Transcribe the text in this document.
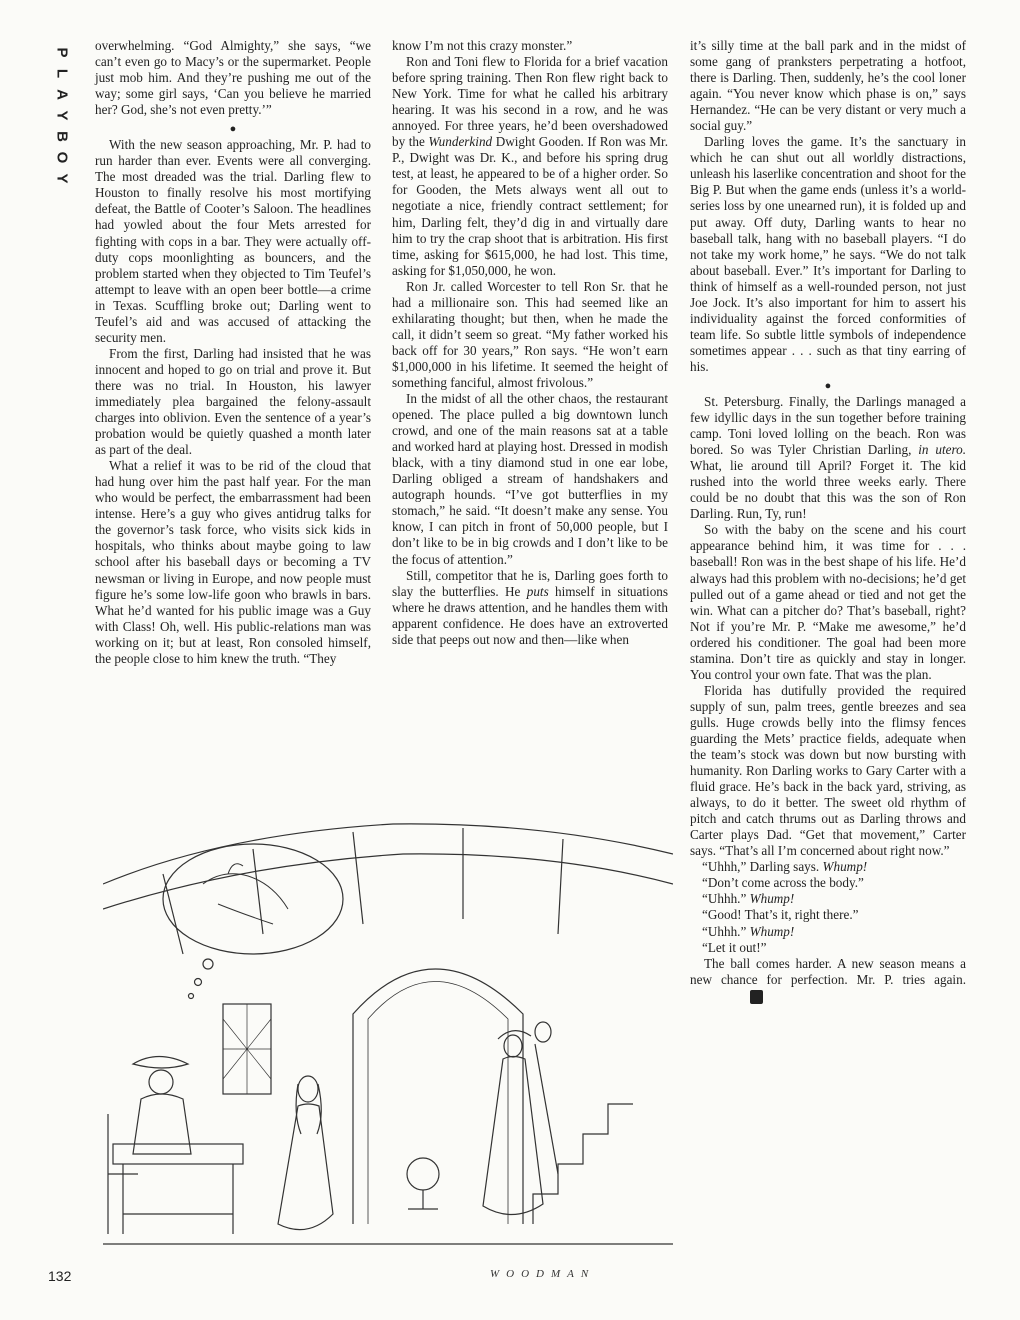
P
L
A
Y
B
O
Y

overwhelming. “God Almighty,” she says, “we can’t even go to Macy’s or the supermarket. People just mob him. And they’re pushing me out of the way; some girl says, ‘Can you believe he married her? God, she’s not even pretty.’”

●

With the new season approaching, Mr. P. had to run harder than ever. Events were all converging. The most dreaded was the trial. Darling flew to Houston to finally resolve his most mortifying defeat, the Battle of Cooter’s Saloon. The headlines had yowled about the four Mets arrested for fighting with cops in a bar. They were actually off-duty cops moonlighting as bouncers, and the problem started when they objected to Tim Teufel’s attempt to leave with an open beer bottle—a crime in Texas. Scuffling broke out; Darling went to Teufel’s aid and was accused of attacking the security men.

From the first, Darling had insisted that he was innocent and hoped to go on trial and prove it. But there was no trial. In Houston, his lawyer immediately plea bargained the felony-assault charges into oblivion. Even the sentence of a year’s probation would be quietly quashed a month later as part of the deal.

What a relief it was to be rid of the cloud that had hung over him the past half year. For the man who would be perfect, the embarrassment had been intense. Here’s a guy who gives antidrug talks for the governor’s task force, who visits sick kids in hospitals, who thinks about maybe going to law school after his baseball days or becoming a TV newsman or living in Europe, and now people must figure he’s some low-life goon who brawls in bars. What he’d wanted for his public image was a Guy with Class! Oh, well. His public-relations man was working on it; but at least, Ron consoled himself, the people close to him knew the truth. “They

know I’m not this crazy monster.”

Ron and Toni flew to Florida for a brief vacation before spring training. Then Ron flew right back to New York. Time for what he called his arbitrary hearing. It was his second in a row, and he was annoyed. For three years, he’d been overshadowed by the Wunderkind Dwight Gooden. If Ron was Mr. P., Dwight was Dr. K., and before his spring drug test, at least, he appeared to be of a higher order. So for Gooden, the Mets always went all out to negotiate a nice, friendly contract settlement; for him, Darling felt, they’d dig in and virtually dare him to try the crap shoot that is arbitration. His first time, asking for $615,000, he had lost. This time, asking for $1,050,000, he won.

Ron Jr. called Worcester to tell Ron Sr. that he had a millionaire son. This had seemed like an exhilarating thought; but then, when he made the call, it didn’t seem so great. “My father worked his back off for 30 years,” Ron says. “He won’t earn $1,000,000 in his lifetime. It seemed the height of something fanciful, almost frivolous.”

In the midst of all the other chaos, the restaurant opened. The place pulled a big downtown lunch crowd, and one of the main reasons sat at a table and worked hard at playing host. Dressed in modish black, with a tiny diamond stud in one ear lobe, Darling obliged a stream of handshakers and autograph hounds. “I’ve got butterflies in my stomach,” he said. “It doesn’t make any sense. You know, I can pitch in front of 50,000 people, but I don’t like to be in big crowds and I don’t like to be the focus of attention.”

Still, competitor that he is, Darling goes forth to slay the butterflies. He puts himself in situations where he draws attention, and he handles them with apparent confidence. He does have an extroverted side that peeps out now and then—like when

it’s silly time at the ball park and in the midst of some gang of pranksters perpetrating a hotfoot, there is Darling. Then, suddenly, he’s the cool loner again. “You never know which phase is on,” says Hernandez. “He can be very distant or very much a social guy.”

Darling loves the game. It’s the sanctuary in which he can shut out all worldly distractions, unleash his laserlike concentration and shoot for the Big P. But when the game ends (unless it’s a world-series loss by one unearned run), it is folded up and put away. Off duty, Darling wants to hear no baseball talk, hang with no baseball players. “I do not take my work home,” he says. “We do not talk about baseball. Ever.” It’s important for Darling to think of himself as a well-rounded person, not just Joe Jock. It’s also important for him to assert his individuality against the forced conformities of team life. So subtle little symbols of independence sometimes appear . . . such as that tiny earring of his.

●

St. Petersburg. Finally, the Darlings managed a few idyllic days in the sun together before training camp. Toni loved lolling on the beach. Ron was bored. So was Tyler Christian Darling, in utero. What, lie around till April? Forget it. The kid rushed into the world three weeks early. There could be no doubt that this was the son of Ron Darling. Run, Ty, run!

So with the baby on the scene and his court appearance behind him, it was time for . . . baseball! Ron was in the best shape of his life. He’d always had this problem with no-decisions; he’d get pulled out of a game ahead or tied and not get the win. What can a pitcher do? That’s baseball, right? Not if you’re Mr. P. “Make me awesome,” he’d ordered his conditioner. The goal had been more stamina. Don’t tire as quickly and stay in longer. You control your own fate. That was the plan.

Florida has dutifully provided the required supply of sun, palm trees, gentle breezes and sea gulls. Huge crowds belly into the flimsy fences guarding the Mets’ practice fields, adequate when the team’s stock was down but now bursting with humanity. Ron Darling works to Gary Carter with a fluid grace. He’s back in the back yard, striving, as always, to do it better. The sweet old rhythm of pitch and catch thrums out as Darling throws and Carter plays Dad. “Get that movement,” Carter says. “That’s all I’m concerned about right now.”

“Uhhh,” Darling says. Whump!

“Don’t come across the body.”

“Uhhh.” Whump!

“Good! That’s it, right there.”

“Uhhh.” Whump!

“Let it out!”

The ball comes harder. A new season means a new chance for perfection. Mr. P. tries again.P

WOODMAN
132
